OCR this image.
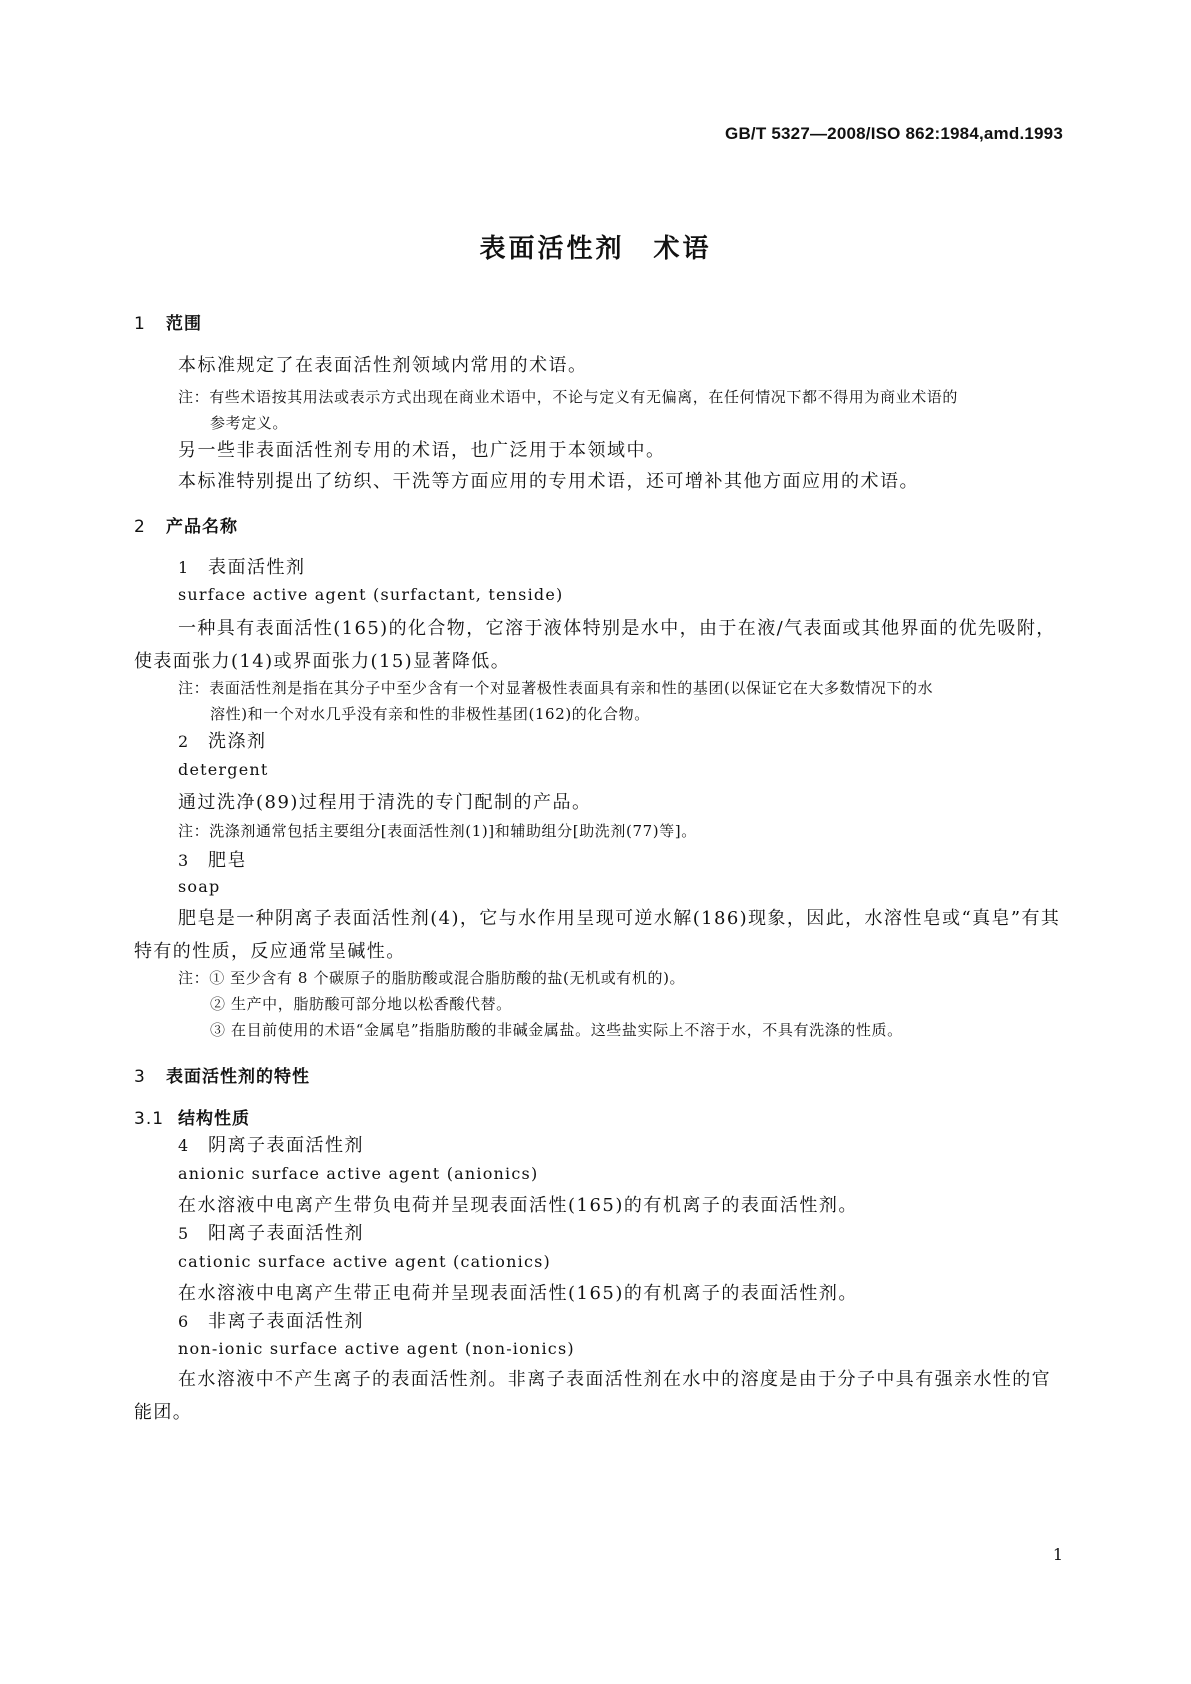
GB/T 5327—2008/ISO 862:1984,amd.1993
表面活性剂　术语
1 范围
本标准规定了在表面活性剂领域内常用的术语。
注：有些术语按其用法或表示方式出现在商业术语中，不论与定义有无偏离，在任何情况下都不得用为商业术语的
参考定义。
另一些非表面活性剂专用的术语，也广泛用于本领域中。
本标准特别提出了纺织、干洗等方面应用的专用术语，还可增补其他方面应用的术语。
2 产品名称
1 表面活性剂
surface active agent (surfactant, tenside)
一种具有表面活性(165)的化合物，它溶于液体特别是水中，由于在液/气表面或其他界面的优先吸附，使表面张力(14)或界面张力(15)显著降低。
注：表面活性剂是指在其分子中至少含有一个对显著极性表面具有亲和性的基团(以保证它在大多数情况下的水
溶性)和一个对水几乎没有亲和性的非极性基团(162)的化合物。
2 洗涤剂
detergent
通过洗净(89)过程用于清洗的专门配制的产品。
注：洗涤剂通常包括主要组分[表面活性剂(1)]和辅助组分[助洗剂(77)等]。
3 肥皂
soap
肥皂是一种阴离子表面活性剂(4)，它与水作用呈现可逆水解(186)现象，因此，水溶性皂或“真皂”有其特有的性质，反应通常呈碱性。
注：① 至少含有 8 个碳原子的脂肪酸或混合脂肪酸的盐(无机或有机的)。
② 生产中，脂肪酸可部分地以松香酸代替。
③ 在目前使用的术语“金属皂”指脂肪酸的非碱金属盐。这些盐实际上不溶于水，不具有洗涤的性质。
3 表面活性剂的特性
3.1 结构性质
4 阴离子表面活性剂
anionic surface active agent (anionics)
在水溶液中电离产生带负电荷并呈现表面活性(165)的有机离子的表面活性剂。
5 阳离子表面活性剂
cationic surface active agent (cationics)
在水溶液中电离产生带正电荷并呈现表面活性(165)的有机离子的表面活性剂。
6 非离子表面活性剂
non-ionic surface active agent (non-ionics)
在水溶液中不产生离子的表面活性剂。非离子表面活性剂在水中的溶度是由于分子中具有强亲水性的官能团。
1
